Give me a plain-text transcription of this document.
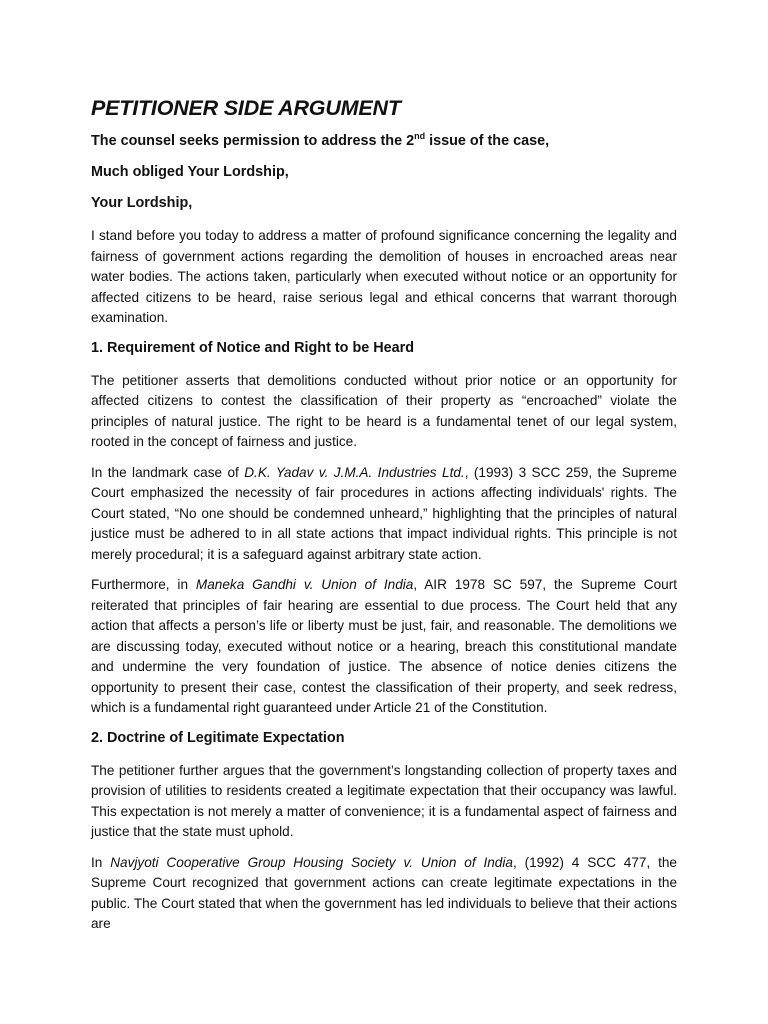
PETITIONER SIDE ARGUMENT

The counsel seeks permission to address the 2nd issue of the case,

Much obliged Your Lordship,

Your Lordship,

I stand before you today to address a matter of profound significance concerning the legality and fairness of government actions regarding the demolition of houses in encroached areas near water bodies. The actions taken, particularly when executed without notice or an opportunity for affected citizens to be heard, raise serious legal and ethical concerns that warrant thorough examination.

1. Requirement of Notice and Right to be Heard

The petitioner asserts that demolitions conducted without prior notice or an opportunity for affected citizens to contest the classification of their property as “encroached” violate the principles of natural justice. The right to be heard is a fundamental tenet of our legal system, rooted in the concept of fairness and justice.

In the landmark case of D.K. Yadav v. J.M.A. Industries Ltd., (1993) 3 SCC 259, the Supreme Court emphasized the necessity of fair procedures in actions affecting individuals' rights. The Court stated, “No one should be condemned unheard,” highlighting that the principles of natural justice must be adhered to in all state actions that impact individual rights. This principle is not merely procedural; it is a safeguard against arbitrary state action.

Furthermore, in Maneka Gandhi v. Union of India, AIR 1978 SC 597, the Supreme Court reiterated that principles of fair hearing are essential to due process. The Court held that any action that affects a person’s life or liberty must be just, fair, and reasonable. The demolitions we are discussing today, executed without notice or a hearing, breach this constitutional mandate and undermine the very foundation of justice. The absence of notice denies citizens the opportunity to present their case, contest the classification of their property, and seek redress, which is a fundamental right guaranteed under Article 21 of the Constitution.

2. Doctrine of Legitimate Expectation

The petitioner further argues that the government’s longstanding collection of property taxes and provision of utilities to residents created a legitimate expectation that their occupancy was lawful. This expectation is not merely a matter of convenience; it is a fundamental aspect of fairness and justice that the state must uphold.

In Navjyoti Cooperative Group Housing Society v. Union of India, (1992) 4 SCC 477, the Supreme Court recognized that government actions can create legitimate expectations in the public. The Court stated that when the government has led individuals to believe that their actions are
